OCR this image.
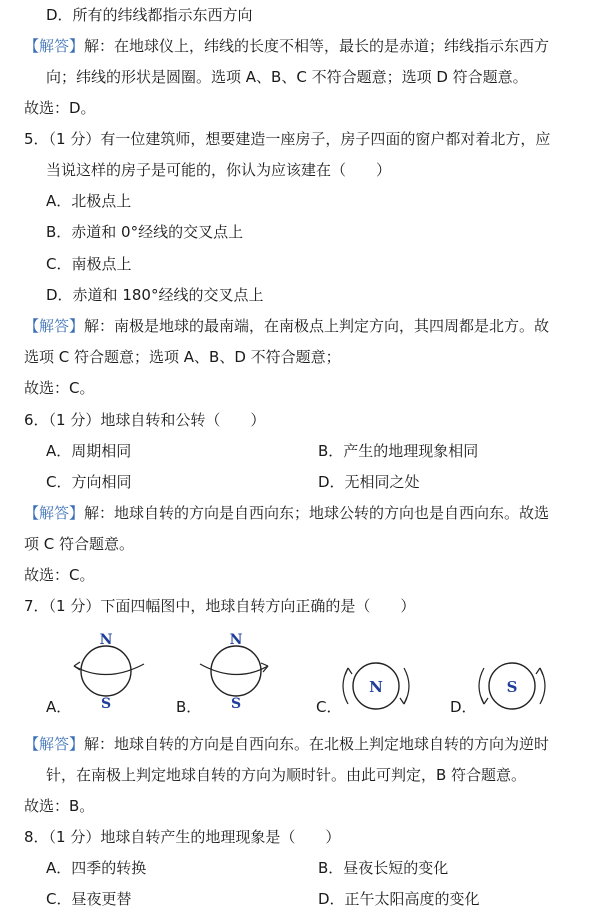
D．所有的纬线都指示东西方向
【解答】解：在地球仪上，纬线的长度不相等，最长的是赤道；纬线指示东西方
向；纬线的形状是圆圈。选项 A、B、C 不符合题意；选项 D 符合题意。
故选：D。
5．（1 分）有一位建筑师，想要建造一座房子，房子四面的窗户都对着北方，应
当说这样的房子是可能的，你认为应该建在（　　）
A．北极点上
B．赤道和 0°经线的交叉点上
C．南极点上
D．赤道和 180°经线的交叉点上
【解答】解：南极是地球的最南端，在南极点上判定方向，其四周都是北方。故
选项 C 符合题意；选项 A、B、D 不符合题意；
故选：C。
6．（1 分）地球自转和公转（　　）
A．周期相同	B．产生的地理现象相同
C．方向相同	D．无相同之处
【解答】解：地球自转的方向是自西向东；地球公转的方向也是自西向东。故选
项 C 符合题意。
故选：C。
7．（1 分）下面四幅图中，地球自转方向正确的是（　　）
A．
N
S	B．
N
S	C．
N
D．
S
【解答】解：地球自转的方向是自西向东。在北极上判定地球自转的方向为逆时
针，在南极上判定地球自转的方向为顺时针。由此可判定，B 符合题意。
故选：B。
8．（1 分）地球自转产生的地理现象是（　　）
A．四季的转换	B．昼夜长短的变化
C．昼夜更替	D．正午太阳高度的变化
